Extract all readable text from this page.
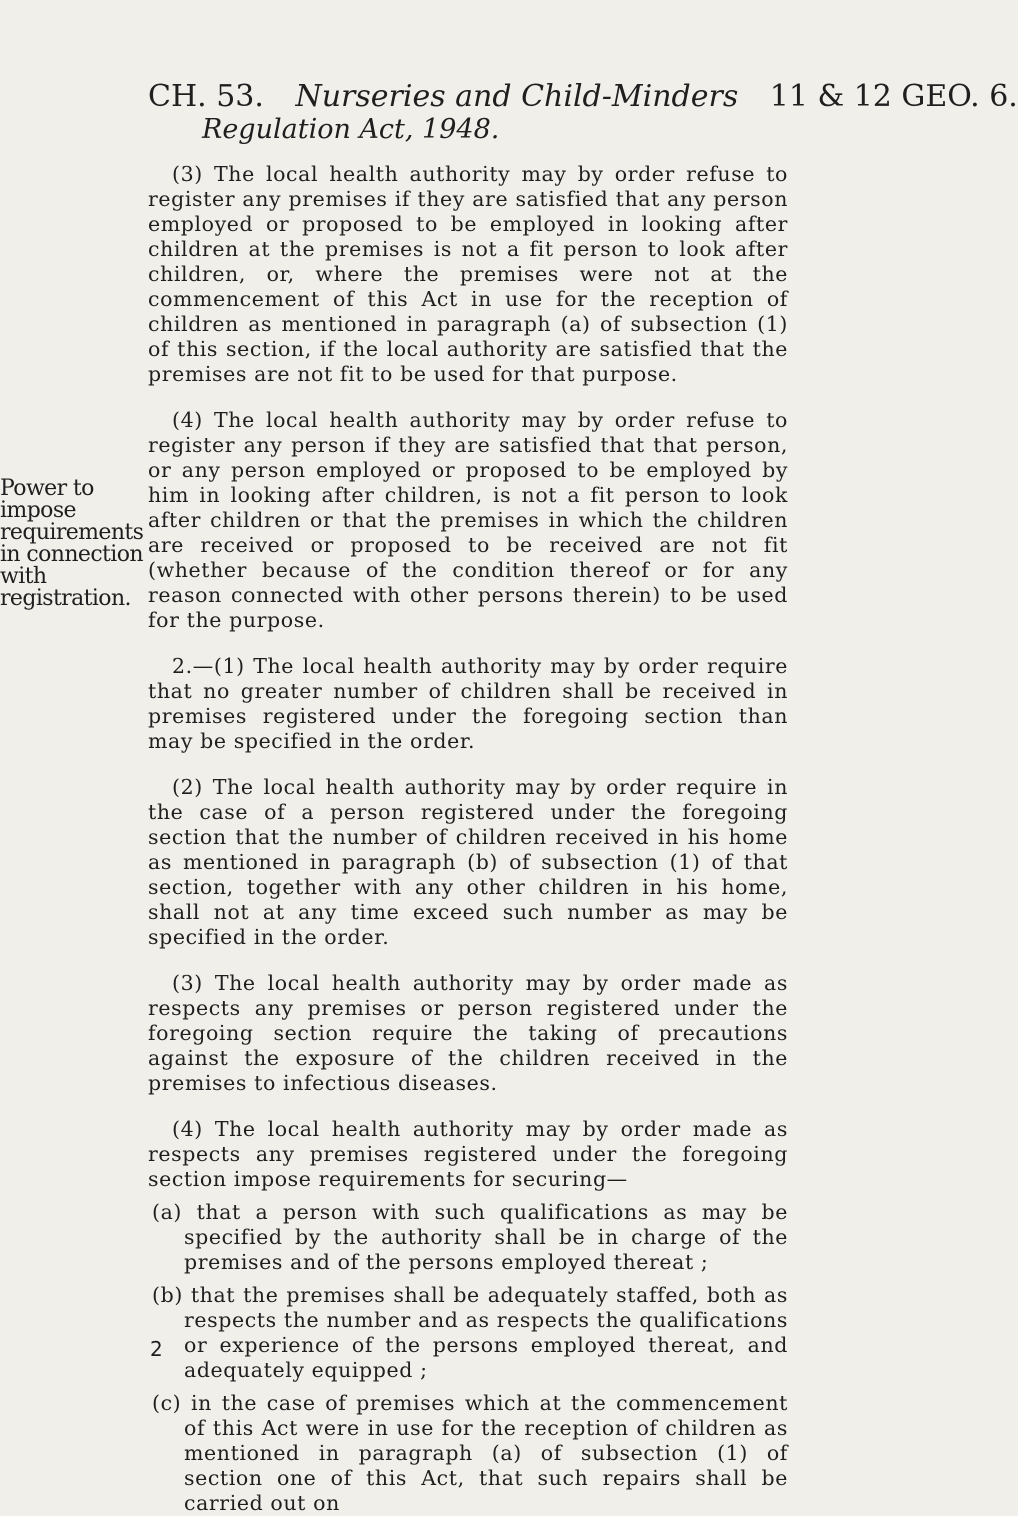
CH. 53. Nurseries and Child-Minders 11 & 12 GEO. 6.
Regulation Act, 1948.
Power to
impose
requirements
in connection
with
registration.

(3) The local health authority may by order refuse to register any premises if they are satisfied that any person employed or proposed to be employed in looking after children at the premises is not a fit person to look after children, or, where the premises were not at the commencement of this Act in use for the reception of children as mentioned in paragraph (a) of subsection (1) of this section, if the local authority are satisfied that the premises are not fit to be used for that purpose.

(4) The local health authority may by order refuse to register any person if they are satisfied that that person, or any person employed or proposed to be employed by him in looking after children, is not a fit person to look after children or that the premises in which the children are received or proposed to be received are not fit (whether because of the condition thereof or for any reason connected with other persons therein) to be used for the purpose.

2.—(1) The local health authority may by order require that no greater number of children shall be received in premises registered under the foregoing section than may be specified in the order.

(2) The local health authority may by order require in the case of a person registered under the foregoing section that the number of children received in his home as mentioned in paragraph (b) of subsection (1) of that section, together with any other children in his home, shall not at any time exceed such number as may be specified in the order.

(3) The local health authority may by order made as respects any premises or person registered under the foregoing section require the taking of precautions against the exposure of the children received in the premises to infectious diseases.

(4) The local health authority may by order made as respects any premises registered under the foregoing section impose requirements for securing—

(a) that a person with such qualifications as may be specified by the authority shall be in charge of the premises and of the persons employed thereat ;

(b) that the premises shall be adequately staffed, both as respects the number and as respects the qualifications or experience of the persons employed thereat, and adequately equipped ;

(c) in the case of premises which at the commencement of this Act were in use for the reception of children as mentioned in paragraph (a) of subsection (1) of section one of this Act, that such repairs shall be carried out on

2
